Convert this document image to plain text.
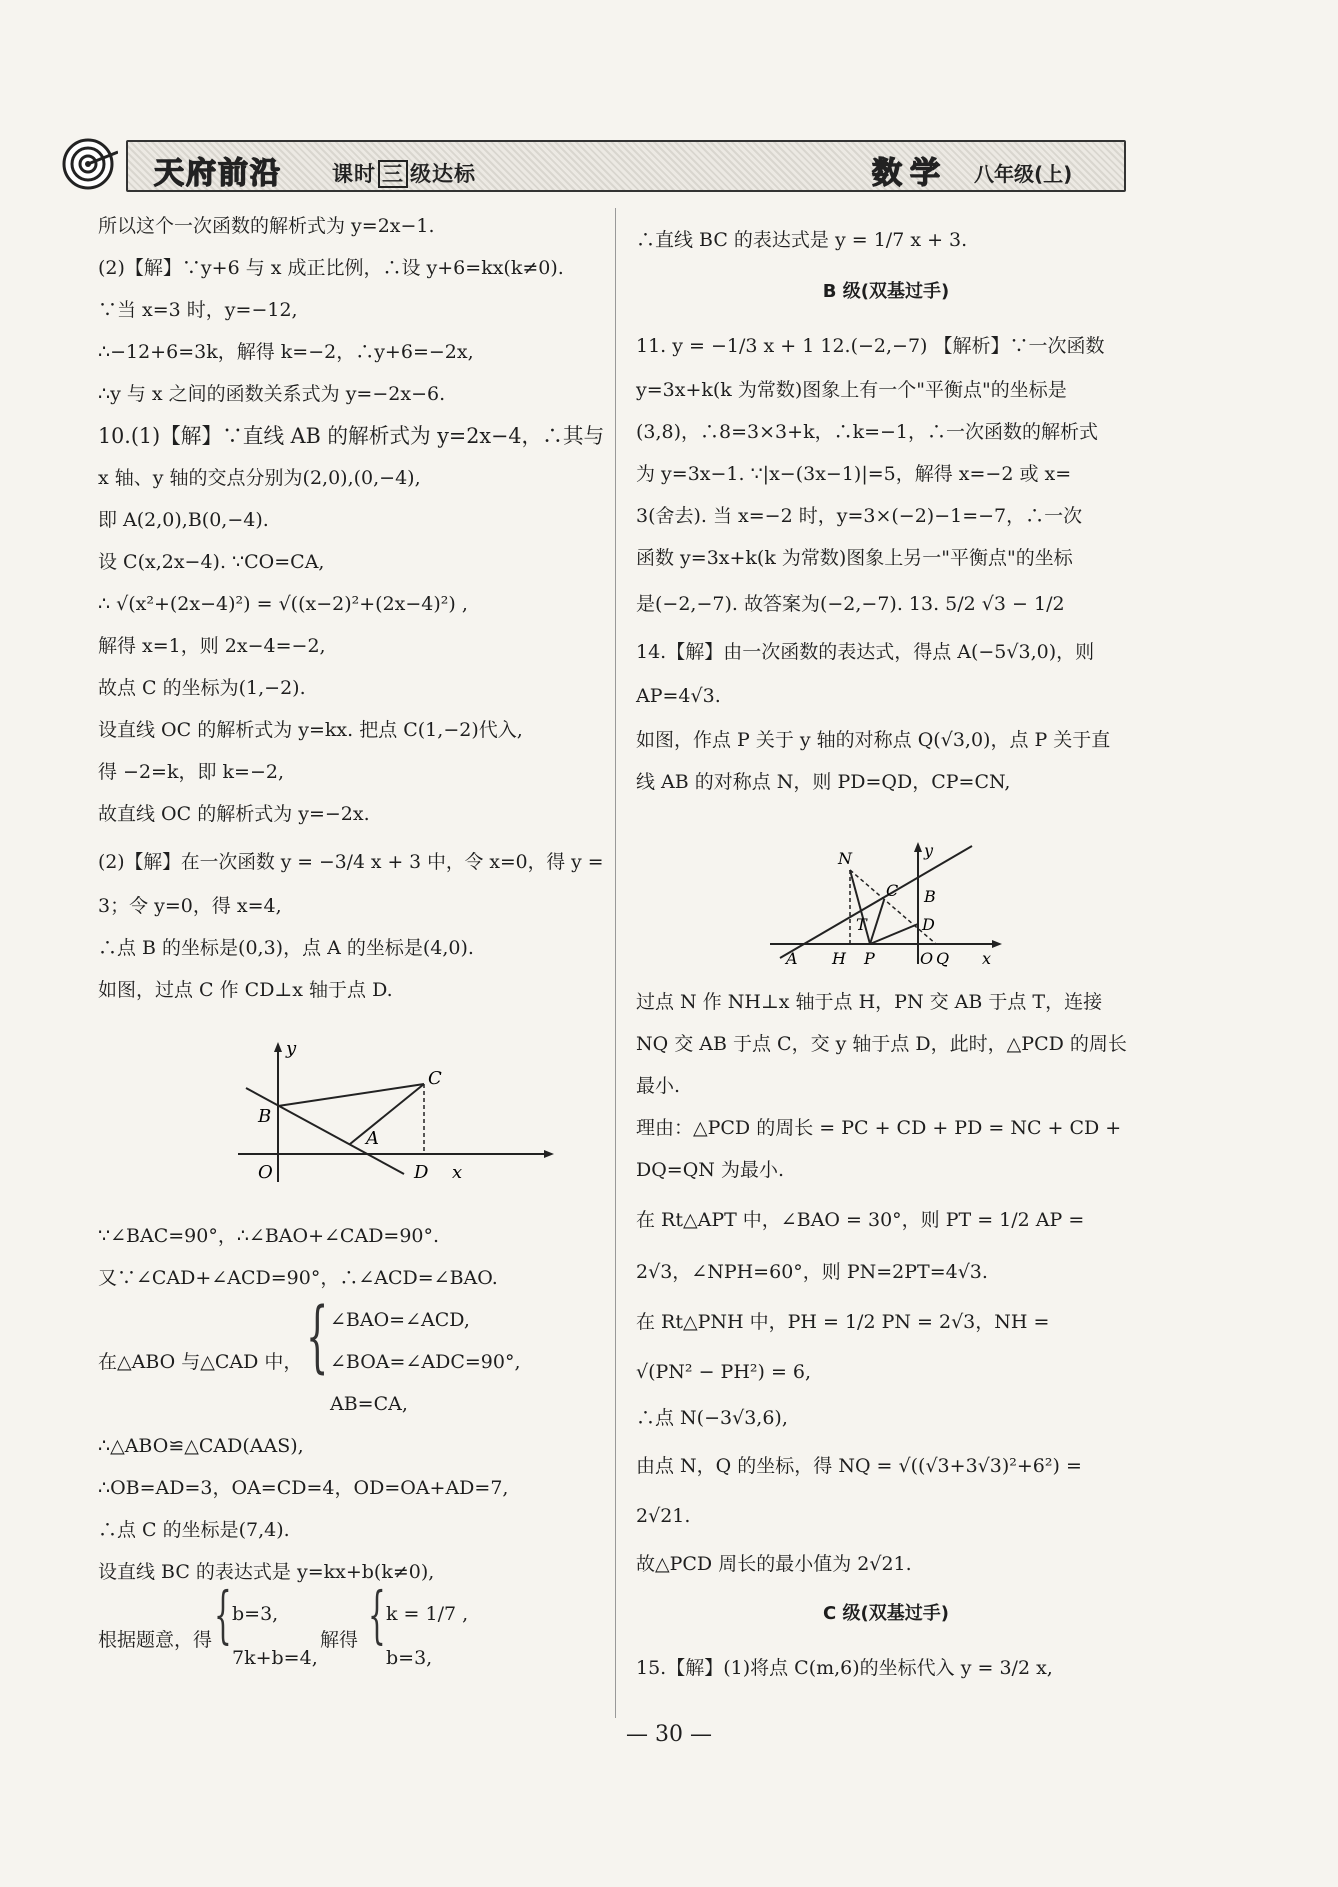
天府前沿 课时 三 级达标	数学 八年级(上)
所以这个一次函数的解析式为 y=2x−1.
(2)【解】∵y+6 与 x 成正比例，∴设 y+6=kx(k≠0).
∵当 x=3 时，y=−12,
∴−12+6=3k，解得 k=−2，∴y+6=−2x,
∴y 与 x 之间的函数关系式为 y=−2x−6.
10.(1)【解】∵直线 AB 的解析式为 y=2x−4，∴其与
x 轴、y 轴的交点分别为(2,0),(0,−4),
即 A(2,0),B(0,−4).
设 C(x,2x−4). ∵CO=CA,
∴ √(x²+(2x−4)²) = √((x−2)²+(2x−4)²) ,
解得 x=1，则 2x−4=−2,
故点 C 的坐标为(1,−2).
设直线 OC 的解析式为 y=kx. 把点 C(1,−2)代入,
得 −2=k，即 k=−2,
故直线 OC 的解析式为 y=−2x.
(2)【解】在一次函数 y = −3/4 x + 3 中，令 x=0，得 y =
3；令 y=0，得 x=4,
∴点 B 的坐标是(0,3)，点 A 的坐标是(4,0).
如图，过点 C 作 CD⊥x 轴于点 D.
y
x
O
B
A
C
D
∵∠BAC=90°，∴∠BAO+∠CAD=90°.
又∵∠CAD+∠ACD=90°，∴∠ACD=∠BAO.
在△ABO 与△CAD 中， { ∠BAO=∠ACD,
∠BOA=∠ADC=90°,
AB=CA,
∴△ABO≌△CAD(AAS),
∴OB=AD=3，OA=CD=4，OD=OA+AD=7,
∴点 C 的坐标是(7,4).
设直线 BC 的表达式是 y=kx+b(k≠0),
根据题意，得 { b=3,
7k+b=4,
解得 { k = 1/7 ,
b=3,
∴直线 BC 的表达式是 y = 1/7 x + 3.
B 级(双基过手)
11. y = −1/3 x + 1 12.(−2,−7) 【解析】∵一次函数
y=3x+k(k 为常数)图象上有一个"平衡点"的坐标是
(3,8)，∴8=3×3+k，∴k=−1，∴一次函数的解析式
为 y=3x−1. ∵|x−(3x−1)|=5，解得 x=−2 或 x=
3(舍去). 当 x=−2 时，y=3×(−2)−1=−7，∴一次
函数 y=3x+k(k 为常数)图象上另一"平衡点"的坐标
是(−2,−7). 故答案为(−2,−7). 13. 5/2 √3 − 1/2
14.【解】由一次函数的表达式，得点 A(−5√3,0)，则
AP=4√3.
如图，作点 P 关于 y 轴的对称点 Q(√3,0)，点 P 关于直
线 AB 的对称点 N，则 PD=QD，CP=CN,
N	y
C B
T	D
A H P	O Q x
过点 N 作 NH⊥x 轴于点 H，PN 交 AB 于点 T，连接
NQ 交 AB 于点 C，交 y 轴于点 D，此时，△PCD 的周长
最小.
理由：△PCD 的周长 = PC + CD + PD = NC + CD +
DQ=QN 为最小.
在 Rt△APT 中，∠BAO = 30°，则 PT = 1/2 AP =
2√3，∠NPH=60°，则 PN=2PT=4√3.
在 Rt△PNH 中，PH = 1/2 PN = 2√3，NH =
√(PN² − PH²) = 6,
∴点 N(−3√3,6),
由点 N，Q 的坐标，得 NQ = √((√3+3√3)²+6²) =
2√21.
故△PCD 周长的最小值为 2√21.
C 级(双基过手)
15.【解】(1)将点 C(m,6)的坐标代入 y = 3/2 x,
— 30 —
